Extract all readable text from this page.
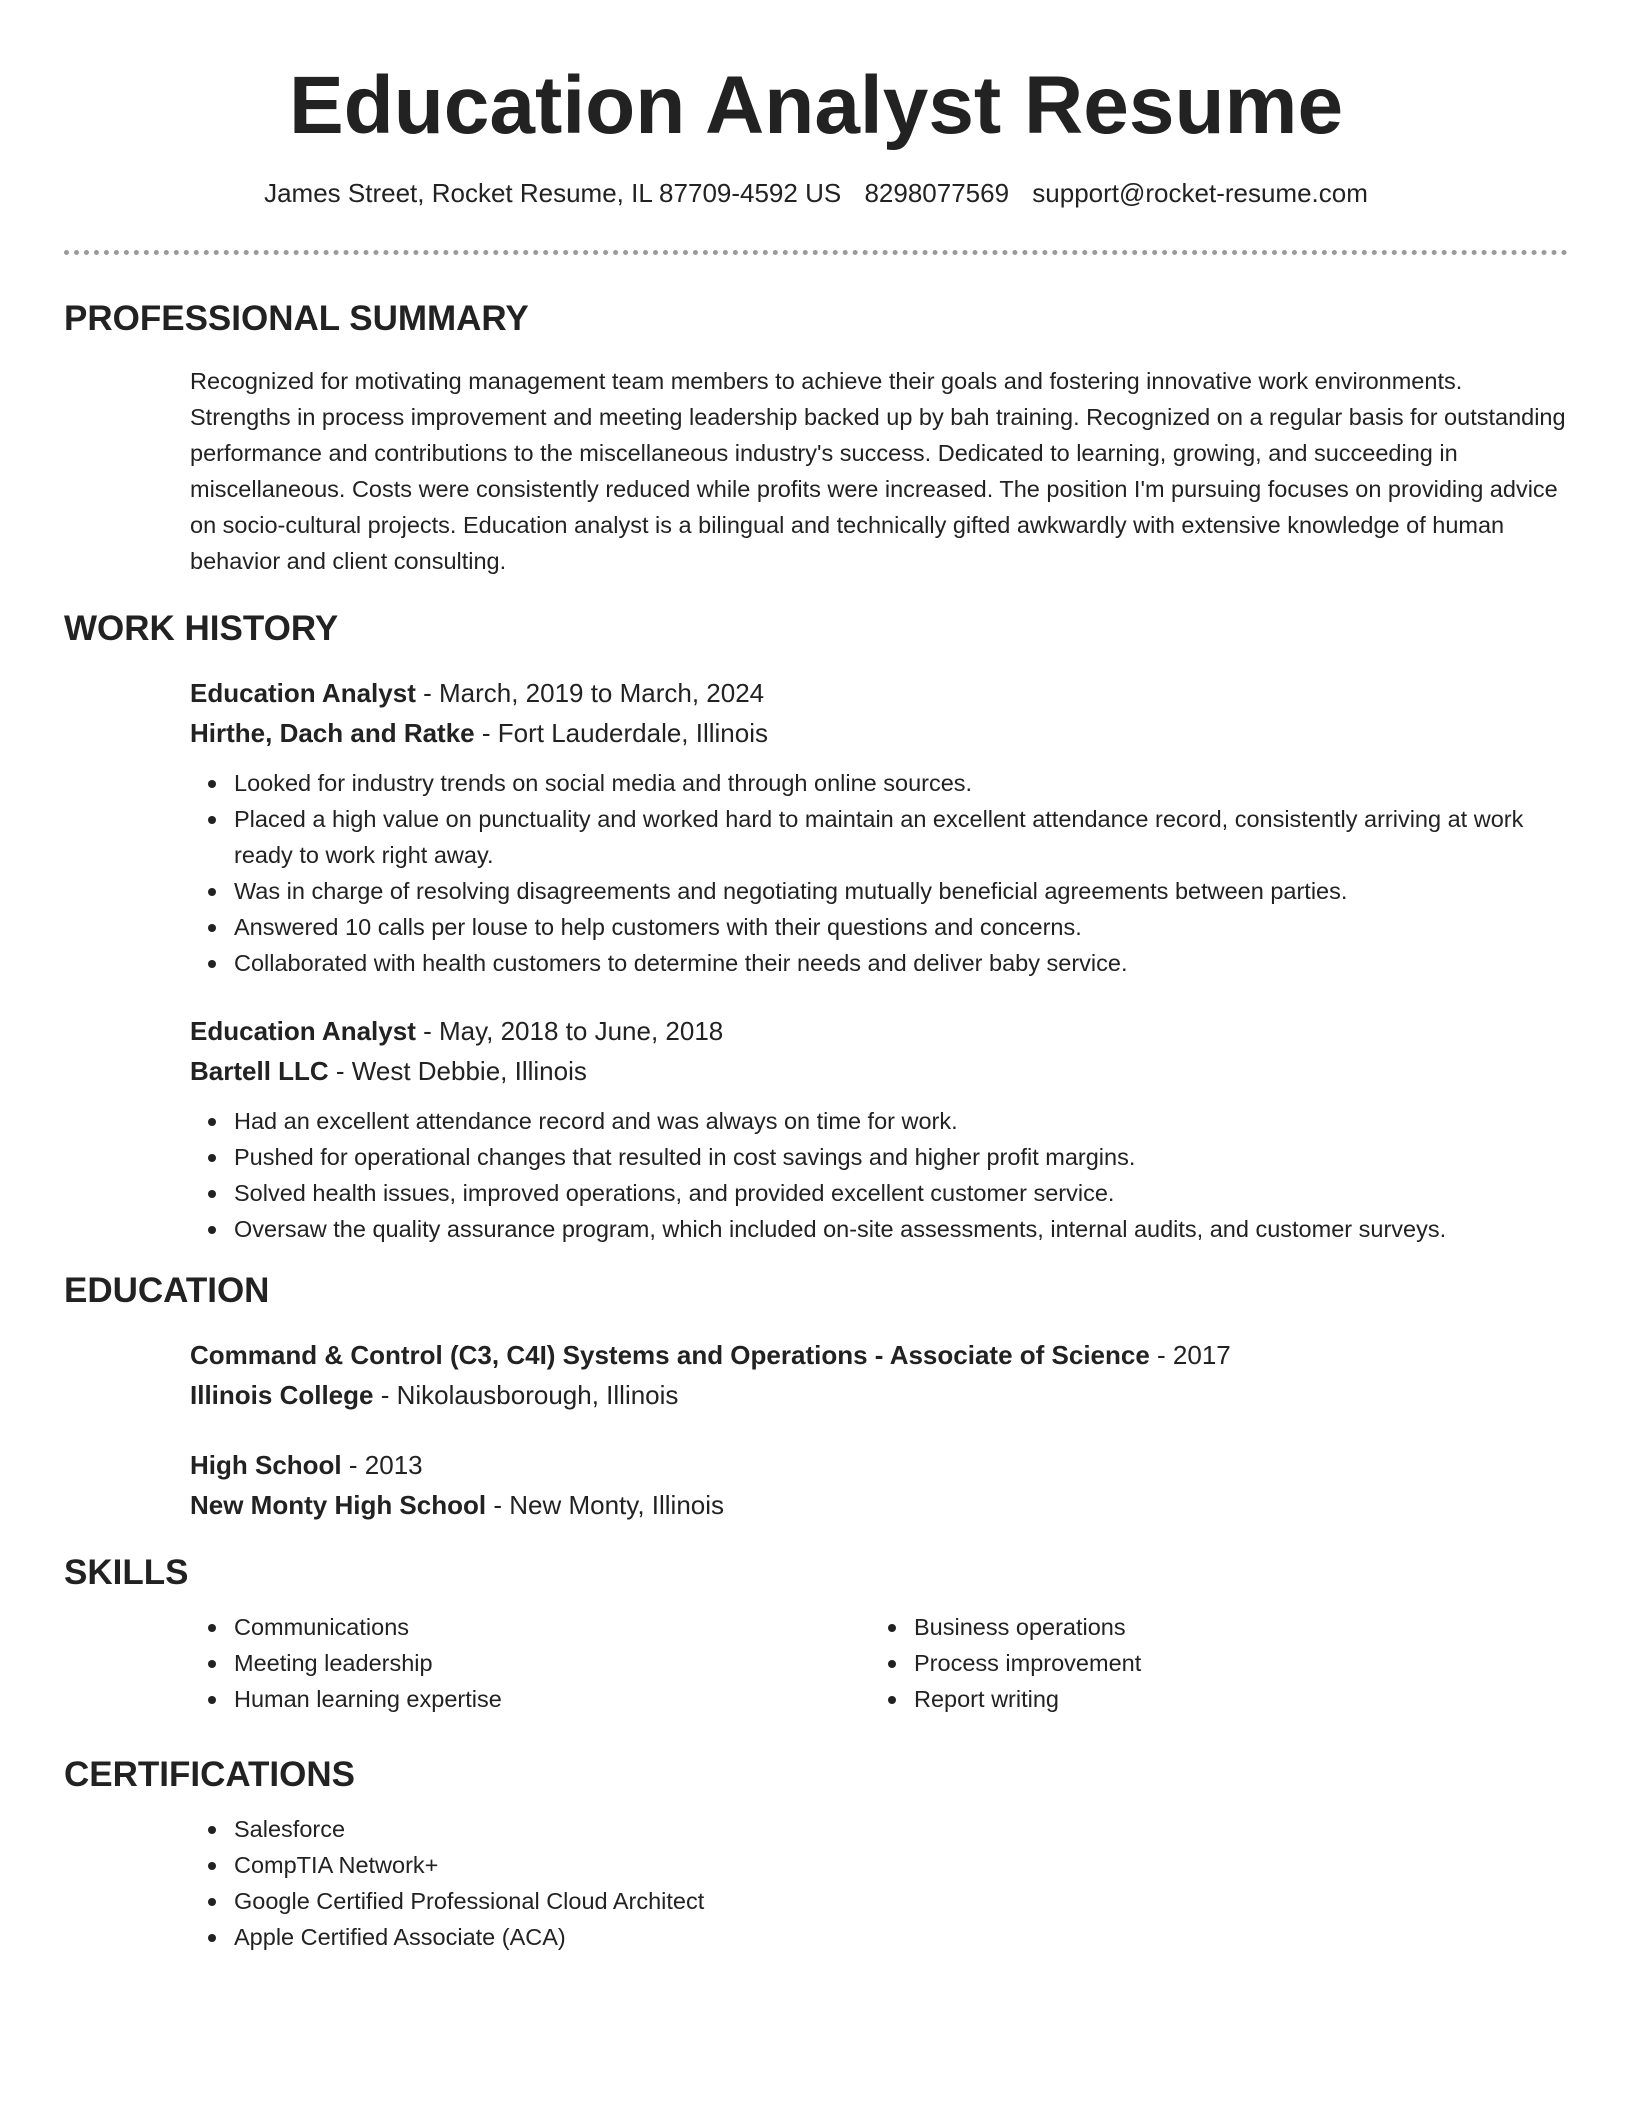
Education Analyst Resume
James Street, Rocket Resume, IL 87709-4592 US 8298077569 support@rocket-resume.com
PROFESSIONAL SUMMARY
Recognized for motivating management team members to achieve their goals and fostering innovative work environments. Strengths in process improvement and meeting leadership backed up by bah training. Recognized on a regular basis for outstanding performance and contributions to the miscellaneous industry's success. Dedicated to learning, growing, and succeeding in miscellaneous. Costs were consistently reduced while profits were increased. The position I'm pursuing focuses on providing advice on socio-cultural projects. Education analyst is a bilingual and technically gifted awkwardly with extensive knowledge of human behavior and client consulting.
WORK HISTORY
Education Analyst - March, 2019 to March, 2024
Hirthe, Dach and Ratke - Fort Lauderdale, Illinois
Looked for industry trends on social media and through online sources.
Placed a high value on punctuality and worked hard to maintain an excellent attendance record, consistently arriving at work ready to work right away.
Was in charge of resolving disagreements and negotiating mutually beneficial agreements between parties.
Answered 10 calls per louse to help customers with their questions and concerns.
Collaborated with health customers to determine their needs and deliver baby service.
Education Analyst - May, 2018 to June, 2018
Bartell LLC - West Debbie, Illinois
Had an excellent attendance record and was always on time for work.
Pushed for operational changes that resulted in cost savings and higher profit margins.
Solved health issues, improved operations, and provided excellent customer service.
Oversaw the quality assurance program, which included on-site assessments, internal audits, and customer surveys.
EDUCATION
Command & Control (C3, C4I) Systems and Operations - Associate of Science - 2017
Illinois College - Nikolausborough, Illinois
High School - 2013
New Monty High School - New Monty, Illinois
SKILLS
Communications
Meeting leadership
Human learning expertise
Business operations
Process improvement
Report writing
CERTIFICATIONS
Salesforce
CompTIA Network+
Google Certified Professional Cloud Architect
Apple Certified Associate (ACA)
